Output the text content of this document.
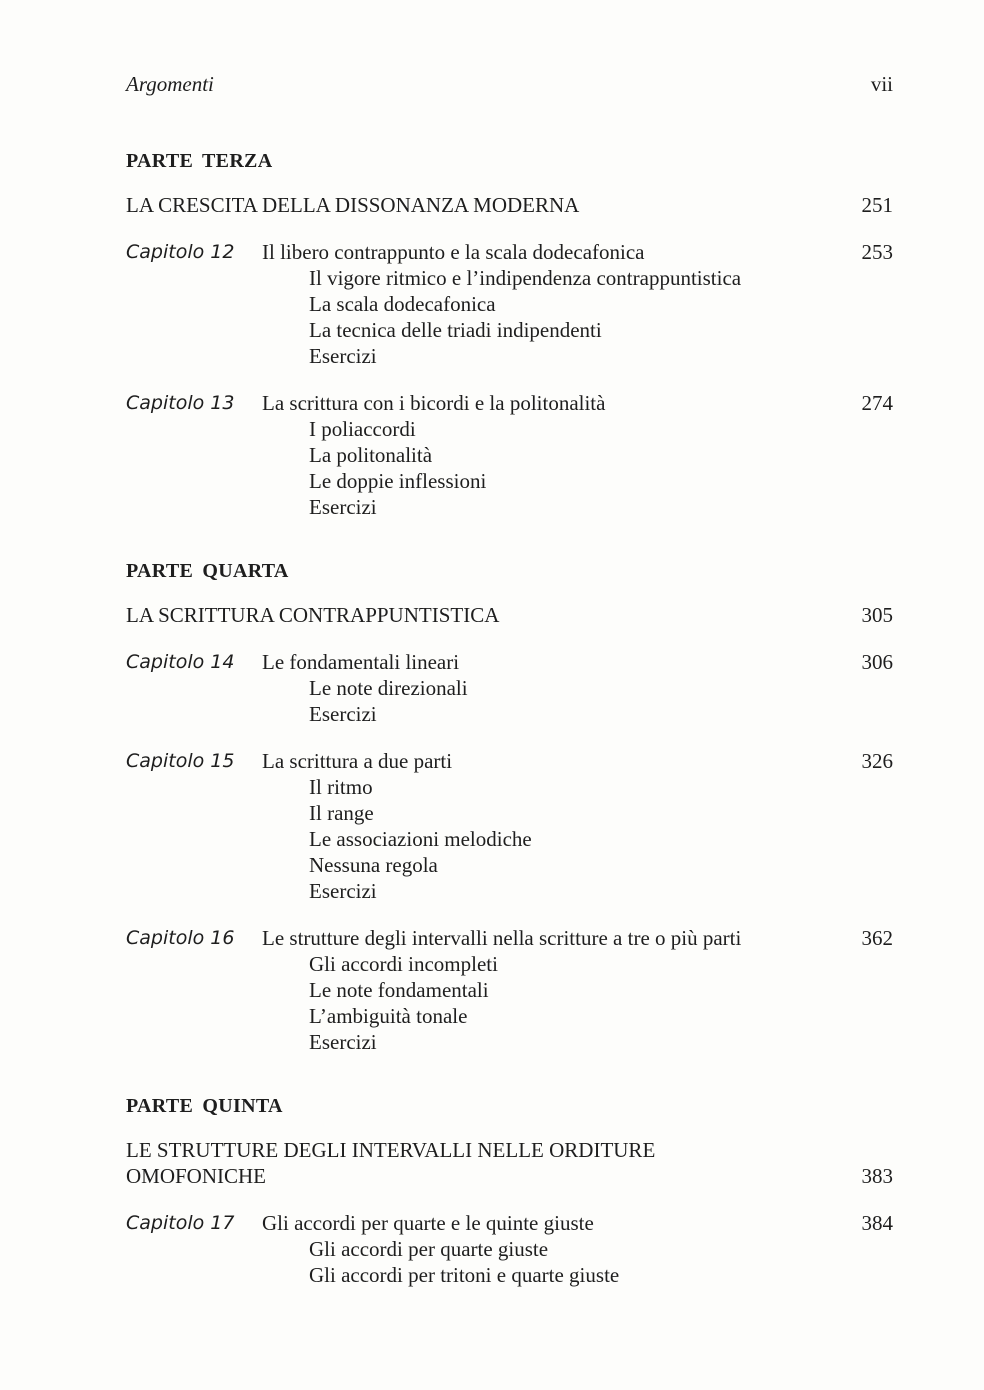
Argomenti	vii
PARTE TERZA
LA CRESCITA DELLA DISSONANZA MODERNA	251
Capitolo 12	Il libero contrappunto e la scala dodecafonica	253
Il vigore ritmico e l’indipendenza contrappuntistica
La scala dodecafonica
La tecnica delle triadi indipendenti
Esercizi
Capitolo 13	La scrittura con i bicordi e la politonalità	274
I poliaccordi
La politonalità
Le doppie inflessioni
Esercizi
PARTE QUARTA
LA SCRITTURA CONTRAPPUNTISTICA	305
Capitolo 14	Le fondamentali lineari	306
Le note direzionali
Esercizi
Capitolo 15	La scrittura a due parti	326
Il ritmo
Il range
Le associazioni melodiche
Nessuna regola
Esercizi
Capitolo 16	Le strutture degli intervalli nella scritture a tre o più parti	362
Gli accordi incompleti
Le note fondamentali
L’ambiguità tonale
Esercizi
PARTE QUINTA
LE STRUTTURE DEGLI INTERVALLI NELLE ORDITURE OMOFONICHE	383
Capitolo 17	Gli accordi per quarte e le quinte giuste	384
Gli accordi per quarte giuste
Gli accordi per tritoni e quarte giuste
